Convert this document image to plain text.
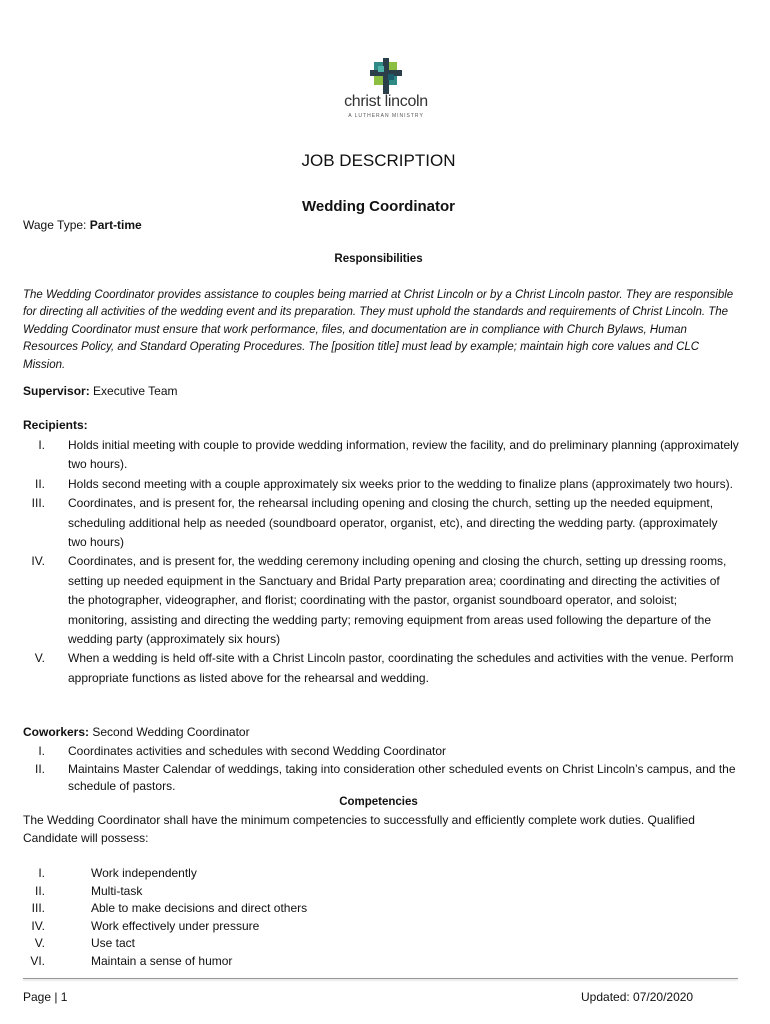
christ lincoln
A LUTHERAN MINISTRY
JOB DESCRIPTION
Wedding Coordinator
Wage Type: Part-time
Responsibilities
The Wedding Coordinator provides assistance to couples being married at Christ Lincoln or by a Christ Lincoln pastor. They are responsible for directing all activities of the wedding event and its preparation. They must uphold the standards and requirements of Christ Lincoln. The Wedding Coordinator must ensure that work performance, files, and documentation are in compliance with Church Bylaws, Human Resources Policy, and Standard Operating Procedures. The [position title] must lead by example; maintain high core values and CLC Mission.
Supervisor: Executive Team
Recipients:
I. Holds initial meeting with couple to provide wedding information, review the facility, and do preliminary planning (approximately two hours).
II. Holds second meeting with a couple approximately six weeks prior to the wedding to finalize plans (approximately two hours).
III. Coordinates, and is present for, the rehearsal including opening and closing the church, setting up the needed equipment, scheduling additional help as needed (soundboard operator, organist, etc), and directing the wedding party. (approximately two hours)
IV. Coordinates, and is present for, the wedding ceremony including opening and closing the church, setting up dressing rooms, setting up needed equipment in the Sanctuary and Bridal Party preparation area; coordinating and directing the activities of the photographer, videographer, and florist; coordinating with the pastor, organist soundboard operator, and soloist; monitoring, assisting and directing the wedding party; removing equipment from areas used following the departure of the wedding party (approximately six hours)
V. When a wedding is held off-site with a Christ Lincoln pastor, coordinating the schedules and activities with the venue. Perform appropriate functions as listed above for the rehearsal and wedding.
Coworkers: Second Wedding Coordinator
I. Coordinates activities and schedules with second Wedding Coordinator
II. Maintains Master Calendar of weddings, taking into consideration other scheduled events on Christ Lincoln’s campus, and the schedule of pastors.
Competencies
The Wedding Coordinator shall have the minimum competencies to successfully and efficiently complete work duties. Qualified Candidate will possess:
I.	Work independently
II.	Multi-task
III.	Able to make decisions and direct others
IV.	Work effectively under pressure
V.	Use tact
VI.	Maintain a sense of humor
Page | 1	Updated: 07/20/2020
